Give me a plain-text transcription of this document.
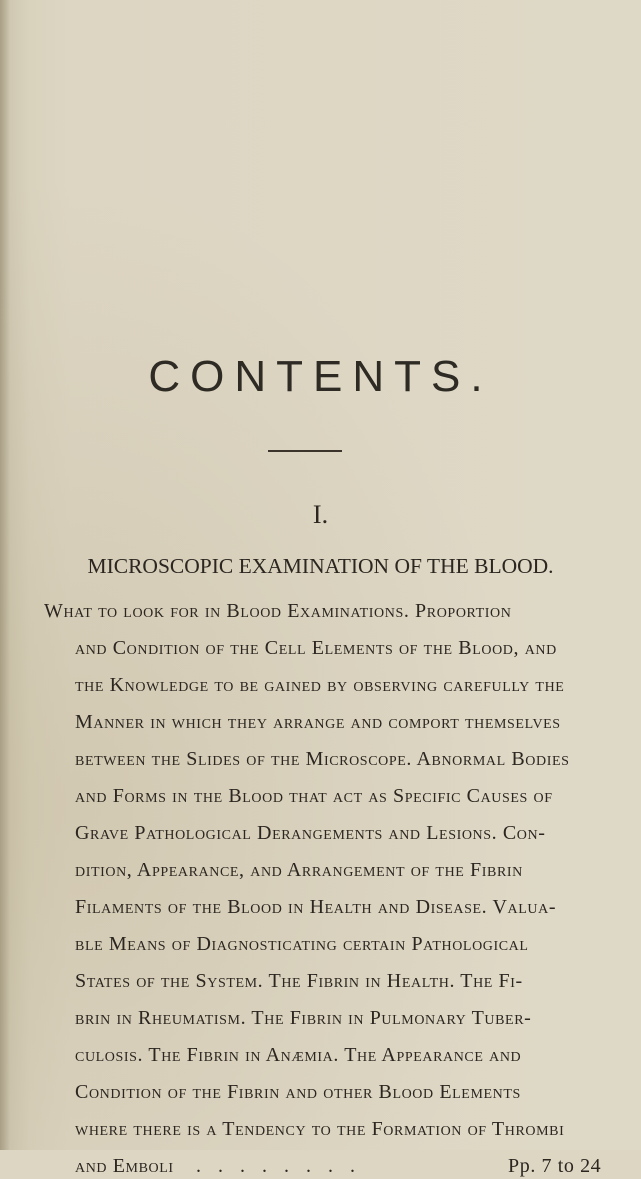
CONTENTS.
I.
MICROSCOPIC EXAMINATION OF THE BLOOD.
What to look for in Blood Examinations. Proportion
and Condition of the Cell Elements of the Blood, and
the Knowledge to be gained by observing carefully the
Manner in which they arrange and comport themselves
between the Slides of the Microscope. Abnormal Bodies
and Forms in the Blood that act as Specific Causes of
Grave Pathological Derangements and Lesions. Con-
dition, Appearance, and Arrangement of the Fibrin
Filaments of the Blood in Health and Disease. Valua-
ble Means of Diagnosticating certain Pathological
States of the System. The Fibrin in Health. The Fi-
brin in Rheumatism. The Fibrin in Pulmonary Tuber-
culosis. The Fibrin in Anæmia. The Appearance and
Condition of the Fibrin and other Blood Elements
where there is a Tendency to the Formation of Thrombi
and Emboli . . . . . . . .	Pp. 7 to 24
